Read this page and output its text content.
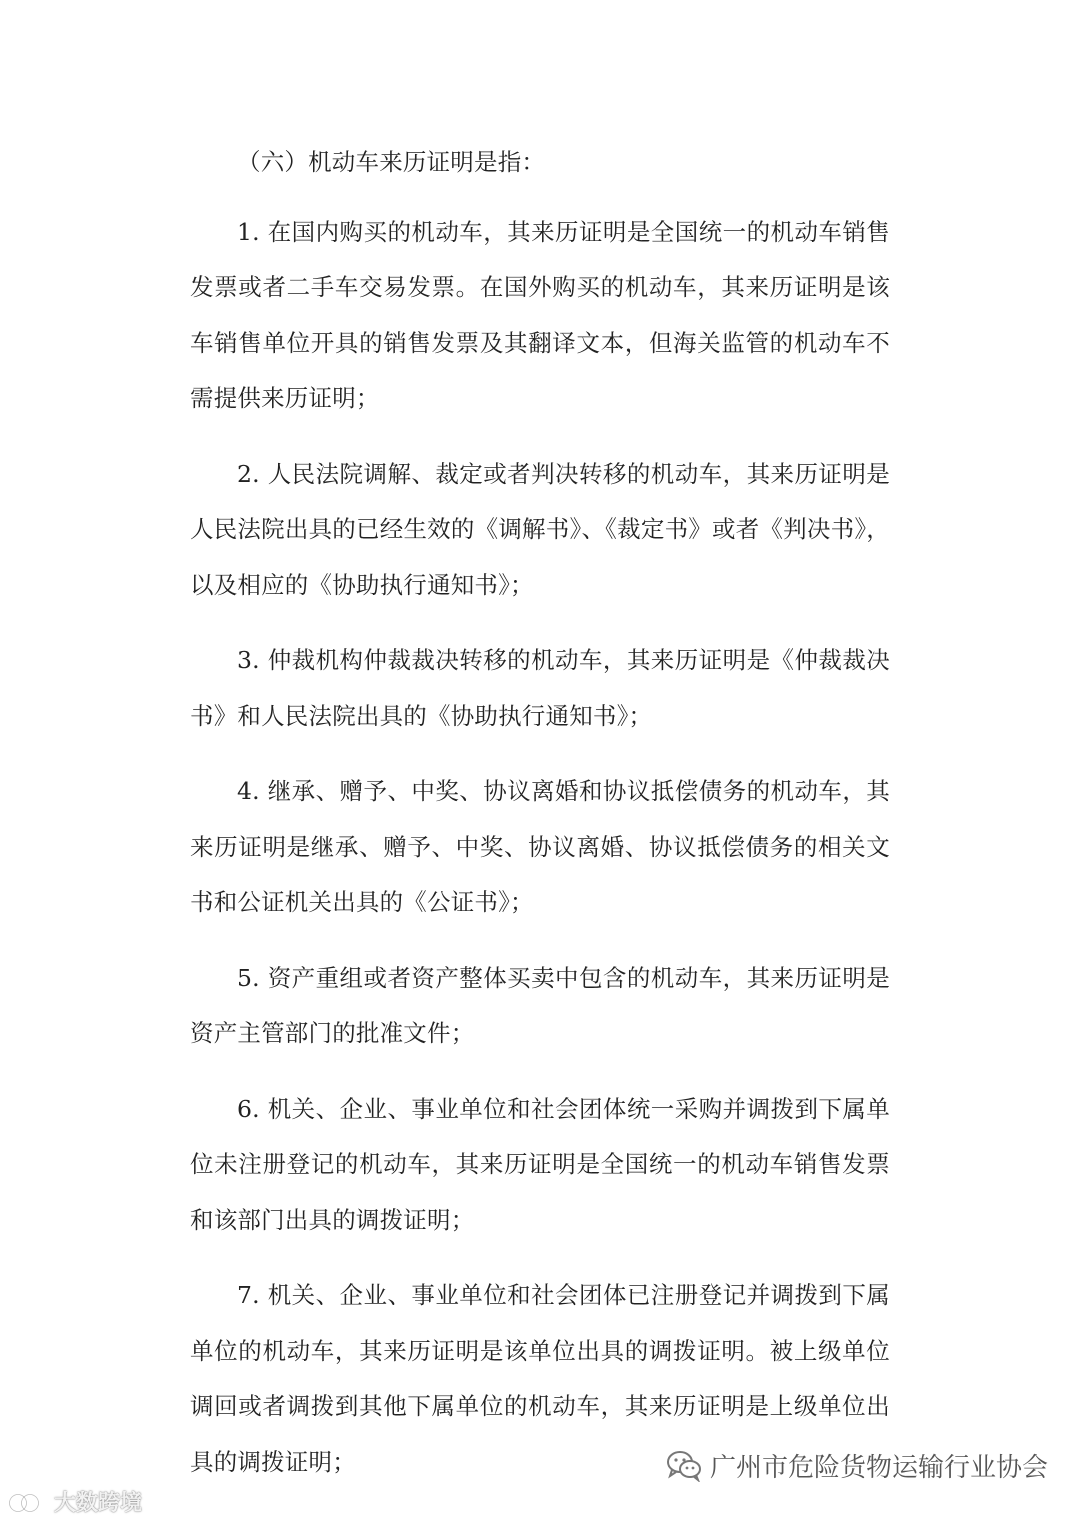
（六）机动车来历证明是指：

1. 在国内购买的机动车，其来历证明是全国统一的机动车销售发票或者二手车交易发票。在国外购买的机动车，其来历证明是该车销售单位开具的销售发票及其翻译文本，但海关监管的机动车不需提供来历证明；

2. 人民法院调解、裁定或者判决转移的机动车，其来历证明是人民法院出具的已经生效的《调解书》、《裁定书》或者《判决书》，以及相应的《协助执行通知书》；

3. 仲裁机构仲裁裁决转移的机动车，其来历证明是《仲裁裁决书》和人民法院出具的《协助执行通知书》；

4. 继承、赠予、中奖、协议离婚和协议抵偿债务的机动车，其来历证明是继承、赠予、中奖、协议离婚、协议抵偿债务的相关文书和公证机关出具的《公证书》；

5. 资产重组或者资产整体买卖中包含的机动车，其来历证明是资产主管部门的批准文件；

6. 机关、企业、事业单位和社会团体统一采购并调拨到下属单位未注册登记的机动车，其来历证明是全国统一的机动车销售发票和该部门出具的调拨证明；

7. 机关、企业、事业单位和社会团体已注册登记并调拨到下属单位的机动车，其来历证明是该单位出具的调拨证明。被上级单位调回或者调拨到其他下属单位的机动车，其来历证明是上级单位出具的调拨证明；	广州市危险货物运输行业协会
大数跨境
